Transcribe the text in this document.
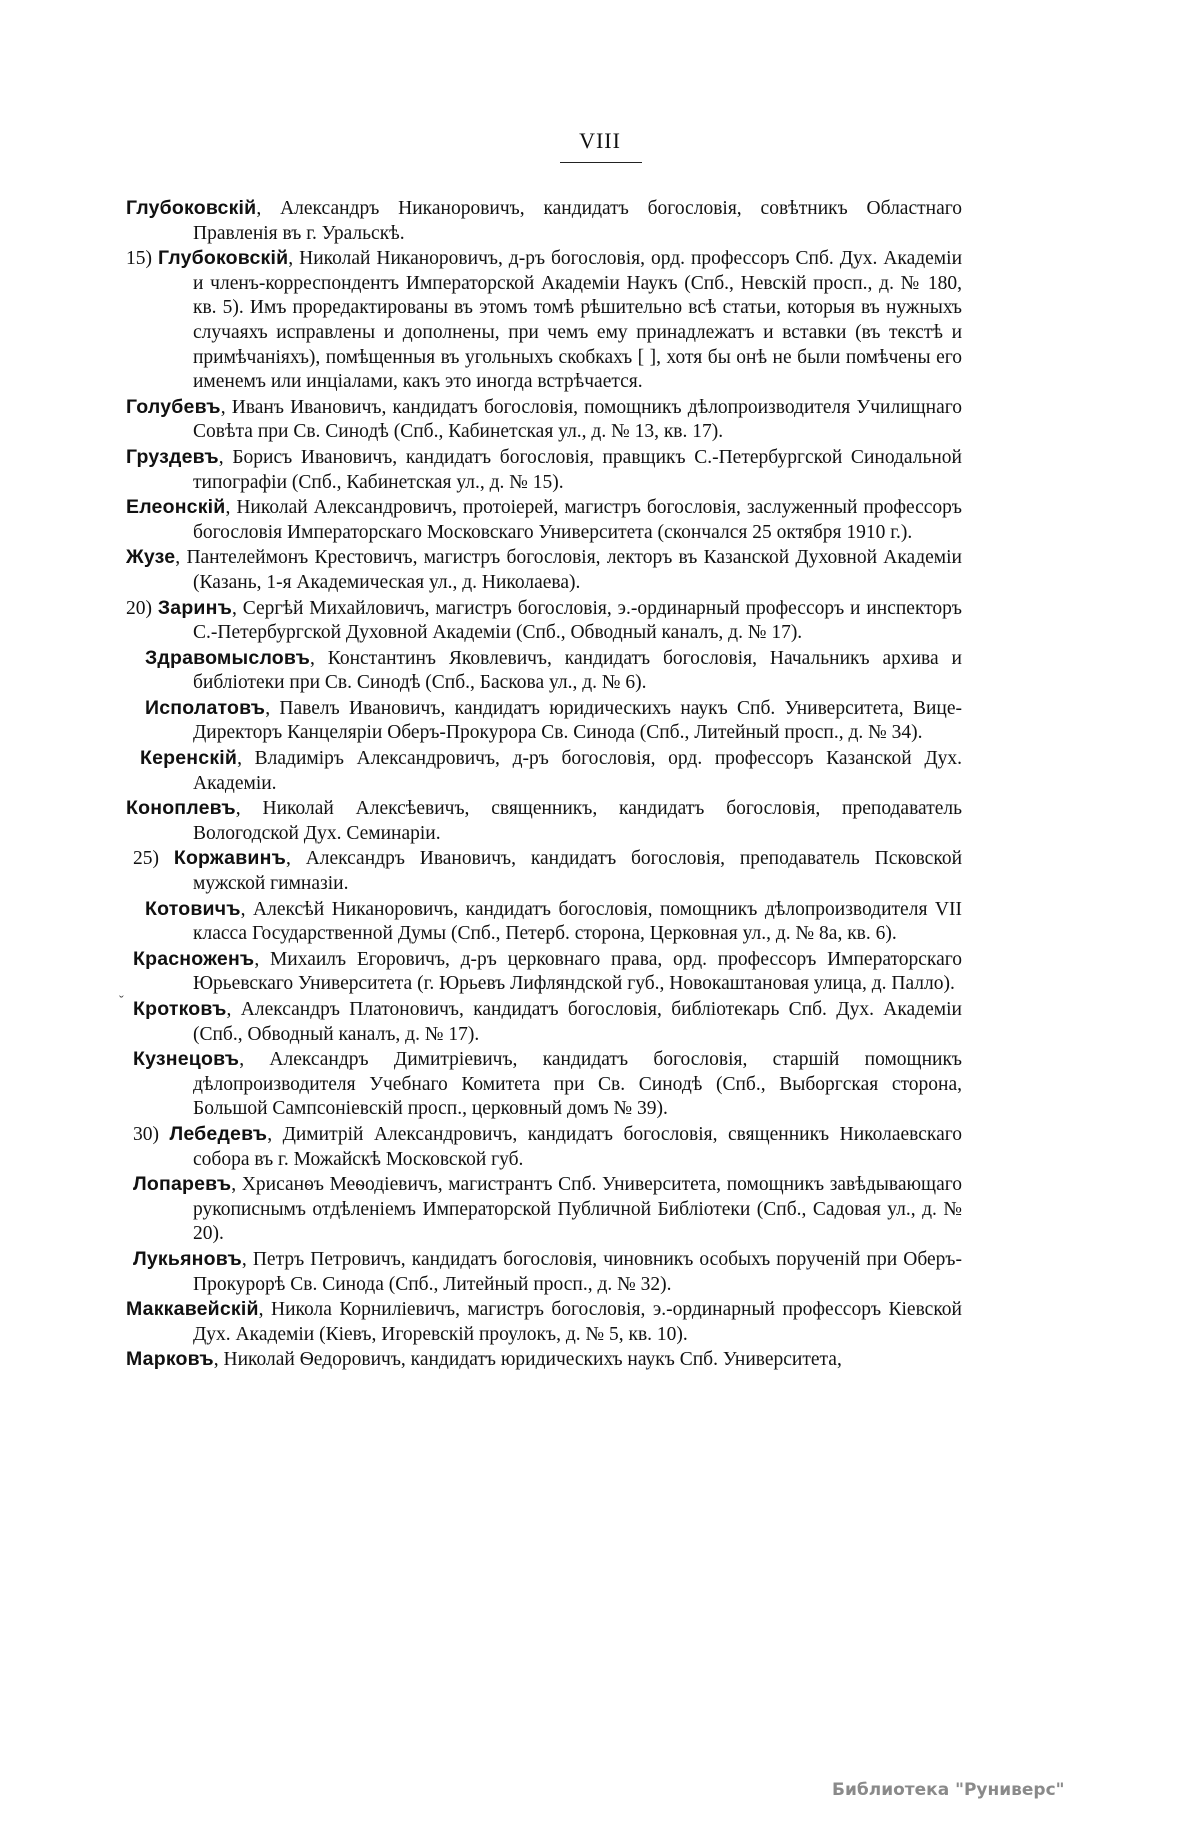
VIII
ˇ

Глубоковскій, Александръ Никаноровичъ, кандидатъ богословія, совѣтникъ Областнаго Правленія въ г. Уральскѣ.

15) Глубоковскій, Николай Никаноровичъ, д-ръ богословія, орд. профессоръ Спб. Дух. Академіи и членъ-корреспондентъ Императорской Академіи Наукъ (Спб., Невскій просп., д. № 180, кв. 5). Имъ проредактированы въ этомъ томѣ рѣшительно всѣ статьи, которыя въ нужныхъ случаяхъ исправлены и дополнены, при чемъ ему принадлежатъ и вставки (въ текстѣ и примѣчаніяхъ), помѣщенныя въ угольныхъ скобкахъ [ ], хотя бы онѣ не были помѣчены его именемъ или инціалами, какъ это иногда встрѣчается.

Голубевъ, Иванъ Ивановичъ, кандидатъ богословія, помощникъ дѣлопроизводителя Училищнаго Совѣта при Св. Синодѣ (Спб., Кабинетская ул., д. № 13, кв. 17).

Груздевъ, Борисъ Ивановичъ, кандидатъ богословія, правщикъ С.-Петербургской Синодальной типографіи (Спб., Кабинетская ул., д. № 15).

Елеонскій, Николай Александровичъ, протоіерей, магистръ богословія, заслуженный профессоръ богословія Императорскаго Московскаго Университета (скончался 25 октября 1910 г.).

Жузе, Пантелеймонъ Крестовичъ, магистръ богословія, лекторъ въ Казанской Духовной Академіи (Казань, 1-я Академическая ул., д. Николаева).

20) Заринъ, Сергѣй Михайловичъ, магистръ богословія, э.-ординарный профессоръ и инспекторъ С.-Петербургской Духовной Академіи (Спб., Обводный каналъ, д. № 17).

Здравомысловъ, Константинъ Яковлевичъ, кандидатъ богословія, Начальникъ архива и библіотеки при Св. Синодѣ (Спб., Баскова ул., д. № 6).

Исполатовъ, Павелъ Ивановичъ, кандидатъ юридическихъ наукъ Спб. Университета, Вице-Директоръ Канцеляріи Оберъ-Прокурора Св. Синода (Спб., Литейный просп., д. № 34).

Керенскій, Владиміръ Александровичъ, д-ръ богословія, орд. профессоръ Казанской Дух. Академіи.

Коноплевъ, Николай Алексѣевичъ, священникъ, кандидатъ богословія, преподаватель Вологодской Дух. Семинаріи.

25) Коржавинъ, Александръ Ивановичъ, кандидатъ богословія, преподаватель Псковской мужской гимназіи.

Котовичъ, Алексѣй Никаноровичъ, кандидатъ богословія, помощникъ дѣлопроизводителя VII класса Государственной Думы (Спб., Петерб. сторона, Церковная ул., д. № 8а, кв. 6).

Красноженъ, Михаилъ Егоровичъ, д-ръ церковнаго права, орд. профессоръ Императорскаго Юрьевскаго Университета (г. Юрьевъ Лифляндской губ., Новокаштановая улица, д. Палло).

Кротковъ, Александръ Платоновичъ, кандидатъ богословія, библіотекарь Спб. Дух. Академіи (Спб., Обводный каналъ, д. № 17).

Кузнецовъ, Александръ Димитріевичъ, кандидатъ богословія, старшій помощникъ дѣлопроизводителя Учебнаго Комитета при Св. Синодѣ (Спб., Выборгская сторона, Большой Сампсоніевскій просп., церковный домъ № 39).

30) Лебедевъ, Димитрій Александровичъ, кандидатъ богословія, священникъ Николаевскаго собора въ г. Можайскѣ Московской губ.

Лопаревъ, Хрисанѳъ Меѳодіевичъ, магистрантъ Спб. Университета, помощникъ завѣдывающаго рукописнымъ отдѣленіемъ Императорской Публичной Библіотеки (Спб., Садовая ул., д. № 20).

Лукьяновъ, Петръ Петровичъ, кандидатъ богословія, чиновникъ особыхъ порученій при Оберъ-Прокурорѣ Св. Синода (Спб., Литейный просп., д. № 32).

Маккавейскій, Никола Корниліевичъ, магистръ богословія, э.-ординарный профессоръ Кіевской Дух. Академіи (Кіевъ, Игоревскій проулокъ, д. № 5, кв. 10).

Марковъ, Николай Ѳедоровичъ, кандидатъ юридическихъ наукъ Спб. Университета,

Библиотека "Руниверс"
